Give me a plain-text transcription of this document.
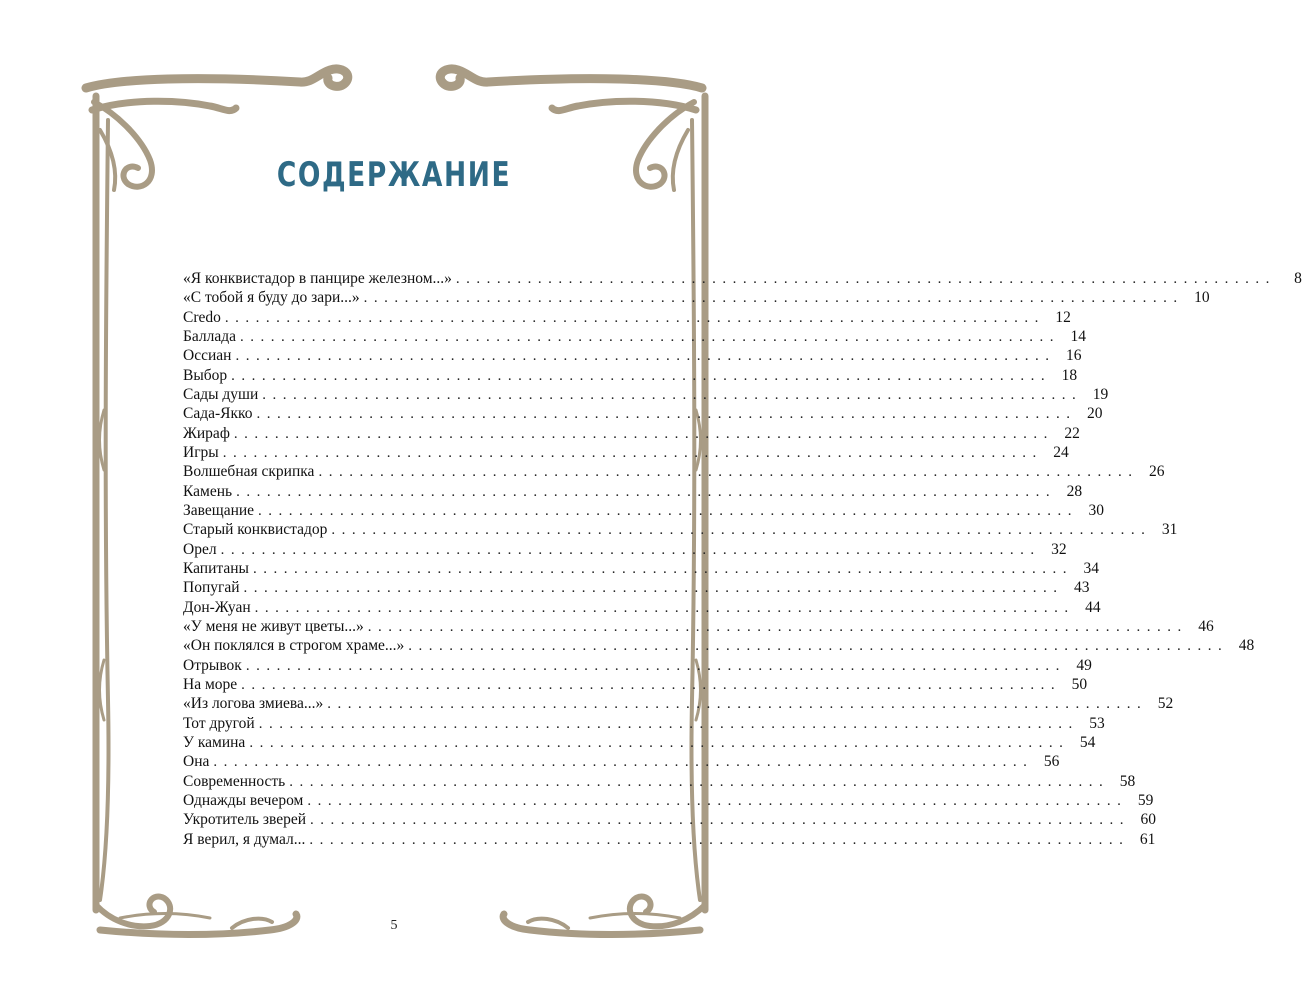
СОДЕРЖАНИЕ
«Я конквистадор в панцире железном...» ................................................................................	8
«С тобой я буду до зари...» ................................................................................ 10
Credo ................................................................................ 12
Баллада ................................................................................ 14
Оссиан ................................................................................ 16
Выбор ................................................................................ 18
Сады души ................................................................................ 19
Сада-Якко ................................................................................ 20
Жираф ................................................................................ 22
Игры ................................................................................ 24
Волшебная скрипка ................................................................................ 26
Камень ................................................................................ 28
Завещание ................................................................................ 30
Старый конквистадор ................................................................................ 31
Орел ................................................................................ 32
Капитаны ................................................................................ 34
Попугай ................................................................................ 43
Дон-Жуан ................................................................................ 44
«У меня не живут цветы...» ................................................................................ 46
«Он поклялся в строгом храме...» ................................................................................ 48
Отрывок ................................................................................ 49
На море ................................................................................ 50
«Из логова змиева...» ................................................................................ 52
Тот другой ................................................................................ 53
У камина ................................................................................ 54
Она ................................................................................ 56
Современность ................................................................................ 58
Однажды вечером ................................................................................ 59
Укротитель зверей ................................................................................ 60
Я верил, я думал... ................................................................................ 61
5
